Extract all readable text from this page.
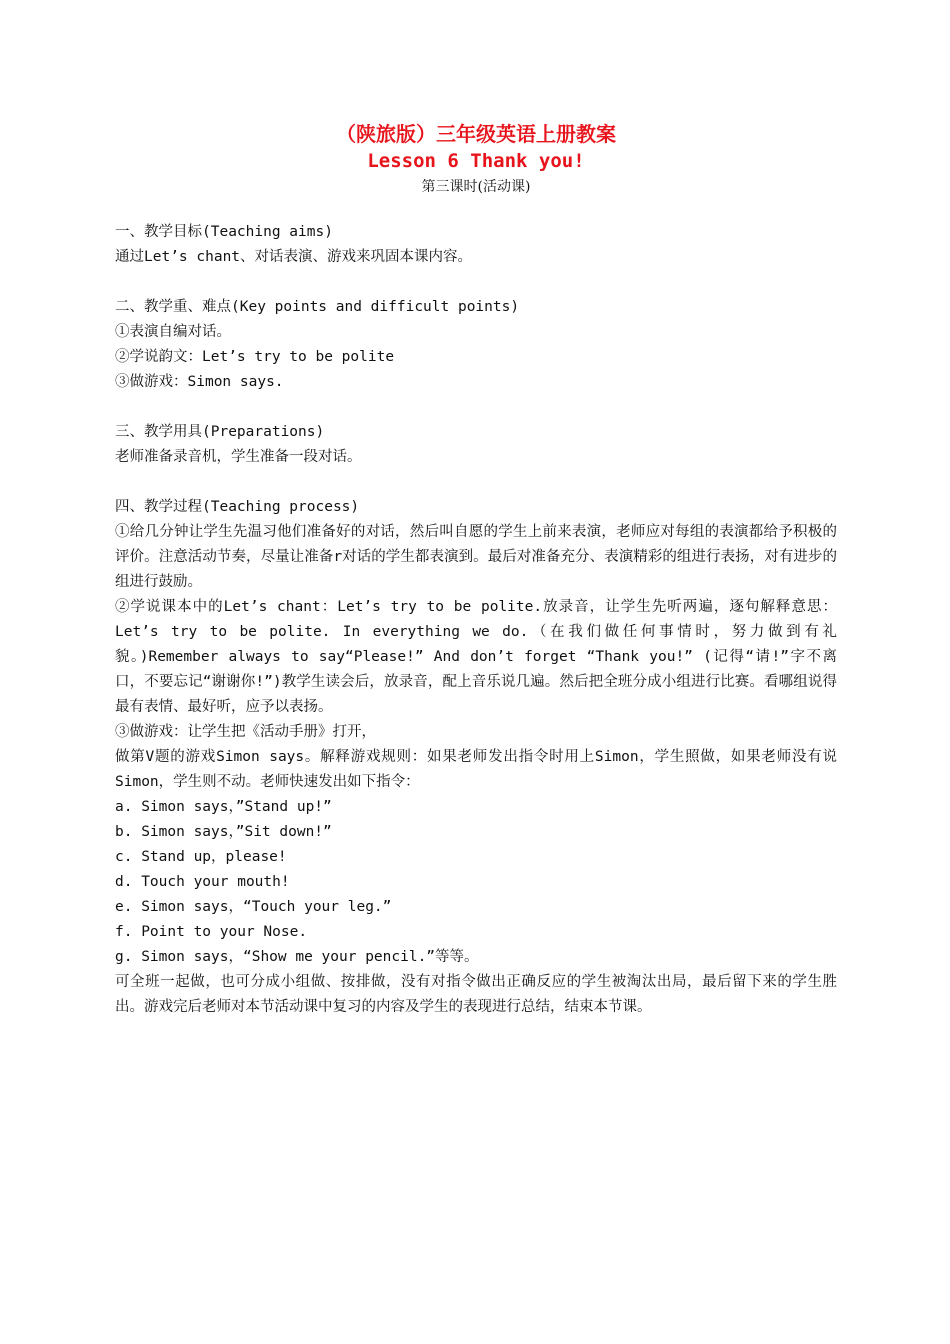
（陕旅版）三年级英语上册教案

Lesson 6 Thank you!

第三课时(活动课)

一、教学目标(Teaching aims)

通过Let’s chant、对话表演、游戏来巩固本课内容。

二、教学重、难点(Key points and difficult points)

①表演自编对话。

②学说韵文：Let’s try to be polite

③做游戏：Simon says.

三、教学用具(Preparations)

老师准备录音机，学生准备一段对话。

四、教学过程(Teaching process)

①给几分钟让学生先温习他们准备好的对话，然后叫自愿的学生上前来表演，老师应对每组的表演都给予积极的评价。注意活动节奏，尽量让准备r对话的学生都表演到。最后对准备充分、表演精彩的组进行表扬，对有进步的组进行鼓励。

②学说课本中的Let’s chant：Let’s try to be polite.放录音，让学生先听两遍，逐句解释意思：Let’s try to be polite. In everything we do.（在我们做任何事情时，努力做到有礼貌。)Remember always to say“Please!” And don’t forget “Thank you!” (记得“请!”字不离口，不要忘记“谢谢你!”)教学生读会后，放录音，配上音乐说几遍。然后把全班分成小组进行比赛。看哪组说得最有表情、最好听，应予以表扬。

③做游戏：让学生把《活动手册》打开，

做第V题的游戏Simon says。解释游戏规则：如果老师发出指令时用上Simon，学生照做，如果老师没有说Simon，学生则不动。老师快速发出如下指令：

a. Simon says，”Stand up!”

b. Simon says，”Sit down!”

c. Stand up，please!

d. Touch your mouth!

e. Simon says，“Touch your leg.”

f. Point to your Nose.

g. Simon says，“Show me your pencil.”等等。

可全班一起做，也可分成小组做、按排做，没有对指令做出正确反应的学生被淘汰出局，最后留下来的学生胜出。游戏完后老师对本节活动课中复习的内容及学生的表现进行总结，结束本节课。
